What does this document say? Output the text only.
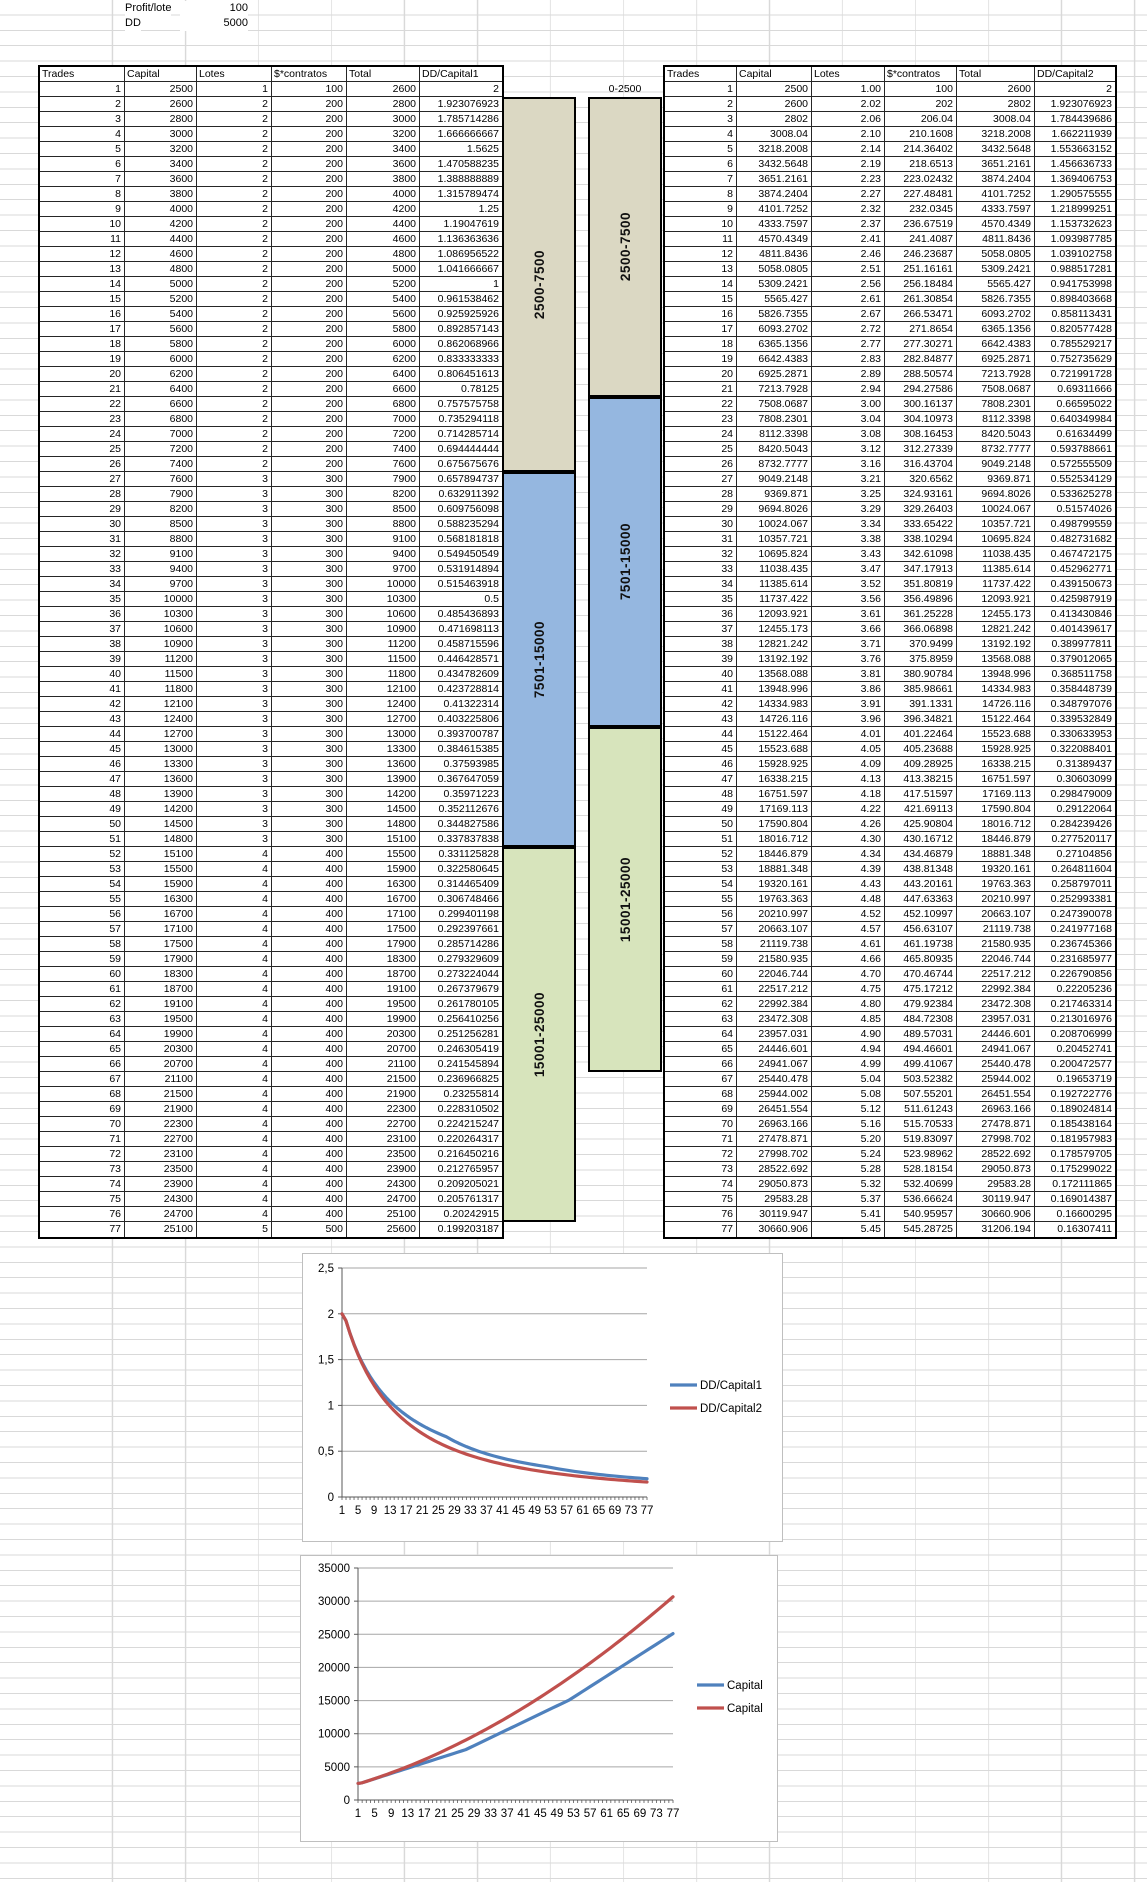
Profit/lote	100
DD	5000
Trades	Capital	Lotes	$*contratos	Total	DD/Capital1
1	2500	1	100	2600	2
2	2600	2	200	2800	1.923076923
3	2800	2	200	3000	1.785714286
4	3000	2	200	3200	1.666666667
5	3200	2	200	3400	1.5625
6	3400	2	200	3600	1.470588235
7	3600	2	200	3800	1.388888889
8	3800	2	200	4000	1.315789474
9	4000	2	200	4200	1.25
10	4200	2	200	4400	1.19047619
11	4400	2	200	4600	1.136363636
12	4600	2	200	4800	1.086956522
13	4800	2	200	5000	1.041666667
14	5000	2	200	5200	1
15	5200	2	200	5400	0.961538462
16	5400	2	200	5600	0.925925926
17	5600	2	200	5800	0.892857143
18	5800	2	200	6000	0.862068966
19	6000	2	200	6200	0.833333333
20	6200	2	200	6400	0.806451613
21	6400	2	200	6600	0.78125
22	6600	2	200	6800	0.757575758
23	6800	2	200	7000	0.735294118
24	7000	2	200	7200	0.714285714
25	7200	2	200	7400	0.694444444
26	7400	2	200	7600	0.675675676
27	7600	3	300	7900	0.657894737
28	7900	3	300	8200	0.632911392
29	8200	3	300	8500	0.609756098
30	8500	3	300	8800	0.588235294
31	8800	3	300	9100	0.568181818
32	9100	3	300	9400	0.549450549
33	9400	3	300	9700	0.531914894
34	9700	3	300	10000	0.515463918
35	10000	3	300	10300	0.5
36	10300	3	300	10600	0.485436893
37	10600	3	300	10900	0.471698113
38	10900	3	300	11200	0.458715596
39	11200	3	300	11500	0.446428571
40	11500	3	300	11800	0.434782609
41	11800	3	300	12100	0.423728814
42	12100	3	300	12400	0.41322314
43	12400	3	300	12700	0.403225806
44	12700	3	300	13000	0.393700787
45	13000	3	300	13300	0.384615385
46	13300	3	300	13600	0.37593985
47	13600	3	300	13900	0.367647059
48	13900	3	300	14200	0.35971223
49	14200	3	300	14500	0.352112676
50	14500	3	300	14800	0.344827586
51	14800	3	300	15100	0.337837838
52	15100	4	400	15500	0.331125828
53	15500	4	400	15900	0.322580645
54	15900	4	400	16300	0.314465409
55	16300	4	400	16700	0.306748466
56	16700	4	400	17100	0.299401198
57	17100	4	400	17500	0.292397661
58	17500	4	400	17900	0.285714286
59	17900	4	400	18300	0.279329609
60	18300	4	400	18700	0.273224044
61	18700	4	400	19100	0.267379679
62	19100	4	400	19500	0.261780105
63	19500	4	400	19900	0.256410256
64	19900	4	400	20300	0.251256281
65	20300	4	400	20700	0.246305419
66	20700	4	400	21100	0.241545894
67	21100	4	400	21500	0.236966825
68	21500	4	400	21900	0.23255814
69	21900	4	400	22300	0.228310502
70	22300	4	400	22700	0.224215247
71	22700	4	400	23100	0.220264317
72	23100	4	400	23500	0.216450216
73	23500	4	400	23900	0.212765957
74	23900	4	400	24300	0.209205021
75	24300	4	400	24700	0.205761317
76	24700	4	400	25100	0.20242915
77	25100	5	500	25600	0.199203187
Trades	Capital	Lotes	$*contratos	Total	DD/Capital2
1	2500	1.00	100	2600	2
2	2600	2.02	202	2802	1.923076923
3	2802	2.06	206.04	3008.04	1.784439686
4	3008.04	2.10	210.1608	3218.2008	1.662211939
5	3218.2008	2.14	214.36402	3432.5648	1.553663152
6	3432.5648	2.19	218.6513	3651.2161	1.456636733
7	3651.2161	2.23	223.02432	3874.2404	1.369406753
8	3874.2404	2.27	227.48481	4101.7252	1.290575555
9	4101.7252	2.32	232.0345	4333.7597	1.218999251
10	4333.7597	2.37	236.67519	4570.4349	1.153732623
11	4570.4349	2.41	241.4087	4811.8436	1.093987785
12	4811.8436	2.46	246.23687	5058.0805	1.039102758
13	5058.0805	2.51	251.16161	5309.2421	0.988517281
14	5309.2421	2.56	256.18484	5565.427	0.941753998
15	5565.427	2.61	261.30854	5826.7355	0.898403668
16	5826.7355	2.67	266.53471	6093.2702	0.858113431
17	6093.2702	2.72	271.8654	6365.1356	0.820577428
18	6365.1356	2.77	277.30271	6642.4383	0.785529217
19	6642.4383	2.83	282.84877	6925.2871	0.752735629
20	6925.2871	2.89	288.50574	7213.7928	0.721991728
21	7213.7928	2.94	294.27586	7508.0687	0.69311666
22	7508.0687	3.00	300.16137	7808.2301	0.66595022
23	7808.2301	3.04	304.10973	8112.3398	0.640349984
24	8112.3398	3.08	308.16453	8420.5043	0.61634499
25	8420.5043	3.12	312.27339	8732.7777	0.593788661
26	8732.7777	3.16	316.43704	9049.2148	0.572555509
27	9049.2148	3.21	320.6562	9369.871	0.552534129
28	9369.871	3.25	324.93161	9694.8026	0.533625278
29	9694.8026	3.29	329.26403	10024.067	0.51574026
30	10024.067	3.34	333.65422	10357.721	0.498799559
31	10357.721	3.38	338.10294	10695.824	0.482731682
32	10695.824	3.43	342.61098	11038.435	0.467472175
33	11038.435	3.47	347.17913	11385.614	0.452962771
34	11385.614	3.52	351.80819	11737.422	0.439150673
35	11737.422	3.56	356.49896	12093.921	0.425987919
36	12093.921	3.61	361.25228	12455.173	0.413430846
37	12455.173	3.66	366.06898	12821.242	0.401439617
38	12821.242	3.71	370.9499	13192.192	0.389977811
39	13192.192	3.76	375.8959	13568.088	0.379012065
40	13568.088	3.81	380.90784	13948.996	0.368511758
41	13948.996	3.86	385.98661	14334.983	0.358448739
42	14334.983	3.91	391.1331	14726.116	0.348797076
43	14726.116	3.96	396.34821	15122.464	0.339532849
44	15122.464	4.01	401.22464	15523.688	0.330633953
45	15523.688	4.05	405.23688	15928.925	0.322088401
46	15928.925	4.09	409.28925	16338.215	0.31389437
47	16338.215	4.13	413.38215	16751.597	0.30603099
48	16751.597	4.18	417.51597	17169.113	0.298479009
49	17169.113	4.22	421.69113	17590.804	0.29122064
50	17590.804	4.26	425.90804	18016.712	0.284239426
51	18016.712	4.30	430.16712	18446.879	0.277520117
52	18446.879	4.34	434.46879	18881.348	0.27104856
53	18881.348	4.39	438.81348	19320.161	0.264811604
54	19320.161	4.43	443.20161	19763.363	0.258797011
55	19763.363	4.48	447.63363	20210.997	0.252993381
56	20210.997	4.52	452.10997	20663.107	0.247390078
57	20663.107	4.57	456.63107	21119.738	0.241977168
58	21119.738	4.61	461.19738	21580.935	0.236745366
59	21580.935	4.66	465.80935	22046.744	0.231685977
60	22046.744	4.70	470.46744	22517.212	0.226790856
61	22517.212	4.75	475.17212	22992.384	0.22205236
62	22992.384	4.80	479.92384	23472.308	0.217463314
63	23472.308	4.85	484.72308	23957.031	0.213016976
64	23957.031	4.90	489.57031	24446.601	0.208706999
65	24446.601	4.94	494.46601	24941.067	0.20452741
66	24941.067	4.99	499.41067	25440.478	0.200472577
67	25440.478	5.04	503.52382	25944.002	0.19653719
68	25944.002	5.08	507.55201	26451.554	0.192722776
69	26451.554	5.12	511.61243	26963.166	0.189024814
70	26963.166	5.16	515.70533	27478.871	0.185438164
71	27478.871	5.20	519.83097	27998.702	0.181957983
72	27998.702	5.24	523.98962	28522.692	0.178579705
73	28522.692	5.28	528.18154	29050.873	0.175299022
74	29050.873	5.32	532.40699	29583.28	0.172111865
75	29583.28	5.37	536.66624	30119.947	0.169014387
76	30119.947	5.41	540.95957	30660.906	0.16600295
77	30660.906	5.45	545.28725	31206.194	0.16307411
2500-7500
7501-15000
15001-25000
2500-7500
7501-15000
15001-25000
0-2500
2,5
2
1,5
1
0,5
0
1 5 9 13 17 21 25 29 33 37 41 45 49 53 57 61 65 69 73 77
DD/Capital1
DD/Capital2
35000
30000
25000
20000
15000
10000
5000
0
1 5 9 13 17 21 25 29 33 37 41 45 49 53 57 61 65 69 73 77
Capital
Capital
